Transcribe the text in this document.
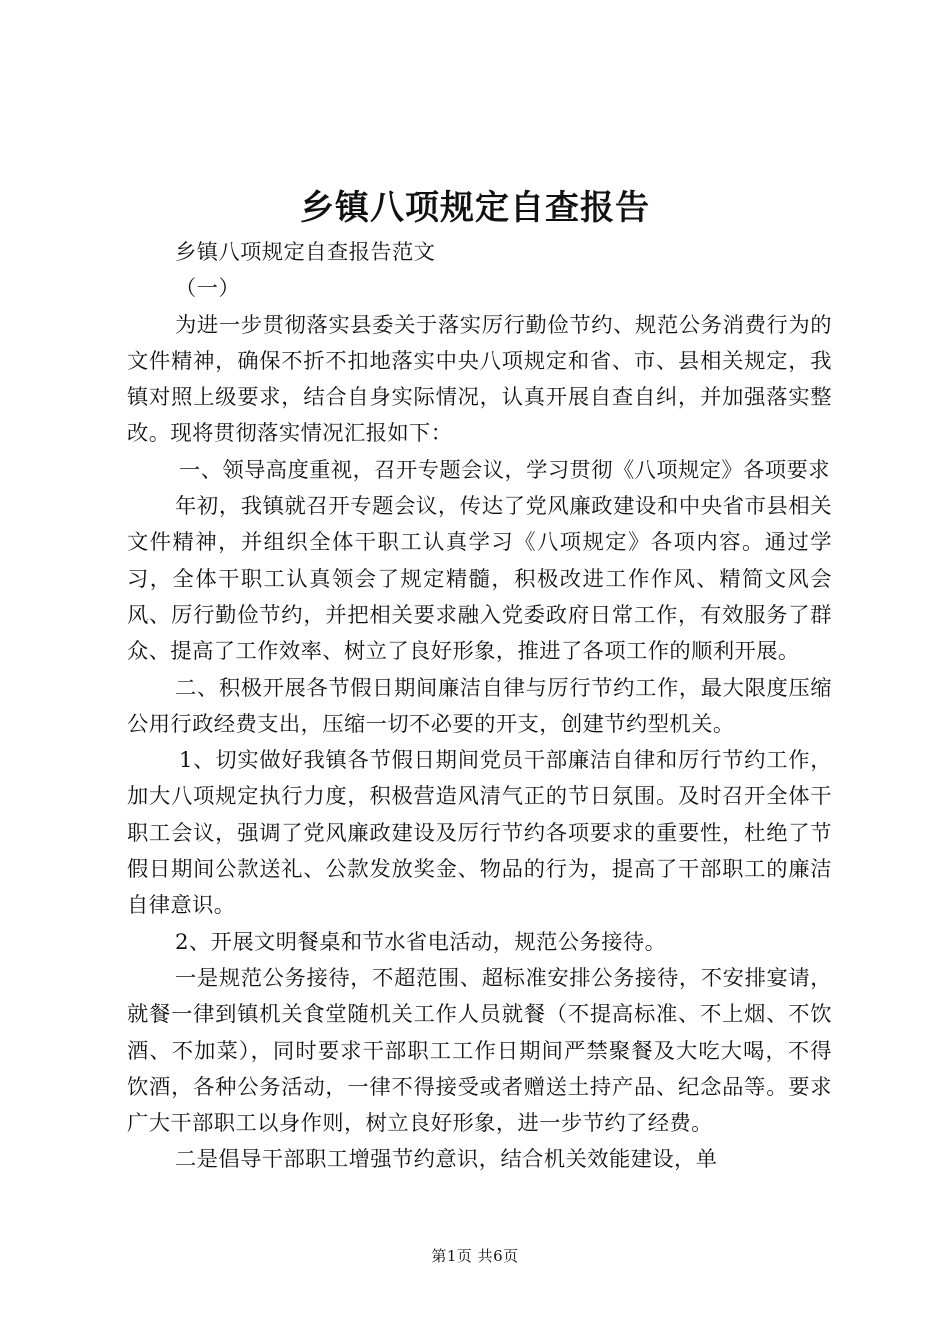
乡镇八项规定自查报告

乡镇八项规定自查报告范文

（一）

为进一步贯彻落实县委关于落实厉行勤俭节约、规范公务消费行为的文件精神，确保不折不扣地落实中央八项规定和省、市、县相关规定，我镇对照上级要求，结合自身实际情况，认真开展自查自纠，并加强落实整改。现将贯彻落实情况汇报如下：

一、领导高度重视，召开专题会议，学习贯彻《八项规定》各项要求

年初，我镇就召开专题会议，传达了党风廉政建设和中央省市县相关文件精神，并组织全体干职工认真学习《八项规定》各项内容。通过学习，全体干职工认真领会了规定精髓，积极改进工作作风、精简文风会风、厉行勤俭节约，并把相关要求融入党委政府日常工作，有效服务了群众、提高了工作效率、树立了良好形象，推进了各项工作的顺利开展。

二、积极开展各节假日期间廉洁自律与厉行节约工作，最大限度压缩公用行政经费支出，压缩一切不必要的开支，创建节约型机关。

1、切实做好我镇各节假日期间党员干部廉洁自律和厉行节约工作，加大八项规定执行力度，积极营造风清气正的节日氛围。及时召开全体干职工会议，强调了党风廉政建设及厉行节约各项要求的重要性，杜绝了节假日期间公款送礼、公款发放奖金、物品的行为，提高了干部职工的廉洁自律意识。

2、开展文明餐桌和节水省电活动，规范公务接待。

一是规范公务接待，不超范围、超标准安排公务接待，不安排宴请，就餐一律到镇机关食堂随机关工作人员就餐（不提高标准、不上烟、不饮酒、不加菜），同时要求干部职工工作日期间严禁聚餐及大吃大喝，不得饮酒，各种公务活动，一律不得接受或者赠送土持产品、纪念品等。要求广大干部职工以身作则，树立良好形象，进一步节约了经费。

二是倡导干部职工增强节约意识，结合机关效能建设，单

第1页 共6页
